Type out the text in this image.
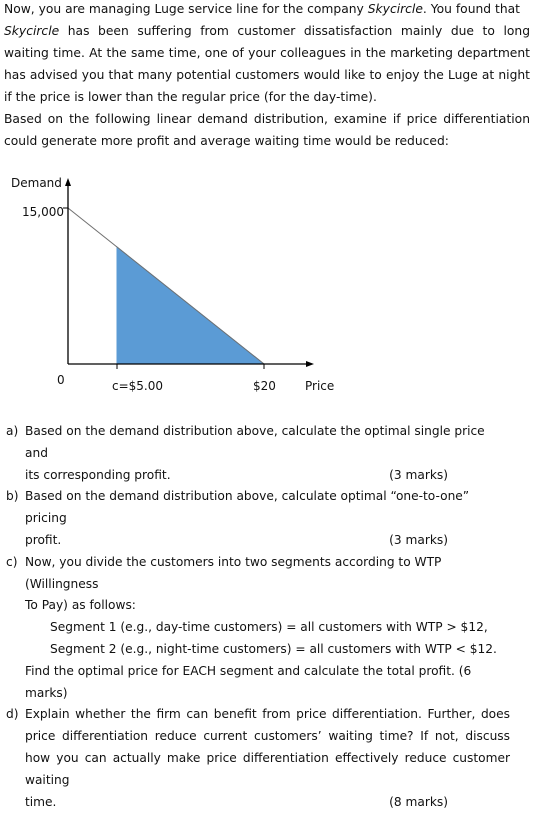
Now, you are managing Luge service line for the company Skycircle. You found that
Skycircle has been suffering from customer dissatisfaction mainly due to long waiting time. At the same time, one of your colleagues in the marketing department has advised you that many potential customers would like to enjoy the Luge at night if the price is lower than the regular price (for the day-time).

Based on the following linear demand distribution, examine if price differentiation could generate more profit and average waiting time would be reduced:

Demand
15,000
0	c=$5.00	$20 Price
a) Based on the demand distribution above, calculate the optimal single price and
its corresponding profit.	(3 marks)
b) Based on the demand distribution above, calculate optimal “one-to-one” pricing
profit.	(3 marks)
c) Now, you divide the customers into two segments according to WTP (Willingness
To Pay) as follows:
Segment 1 (e.g., day-time customers) = all customers with WTP > $12,
Segment 2 (e.g., night-time customers) = all customers with WTP < $12.
Find the optimal price for EACH segment and calculate the total profit. (6 marks)
d) Explain whether the firm can benefit from price differentiation. Further, does price differentiation reduce current customers’ waiting time? If not, discuss how you can actually make price differentiation effectively reduce customer waiting
time.	(8 marks)
